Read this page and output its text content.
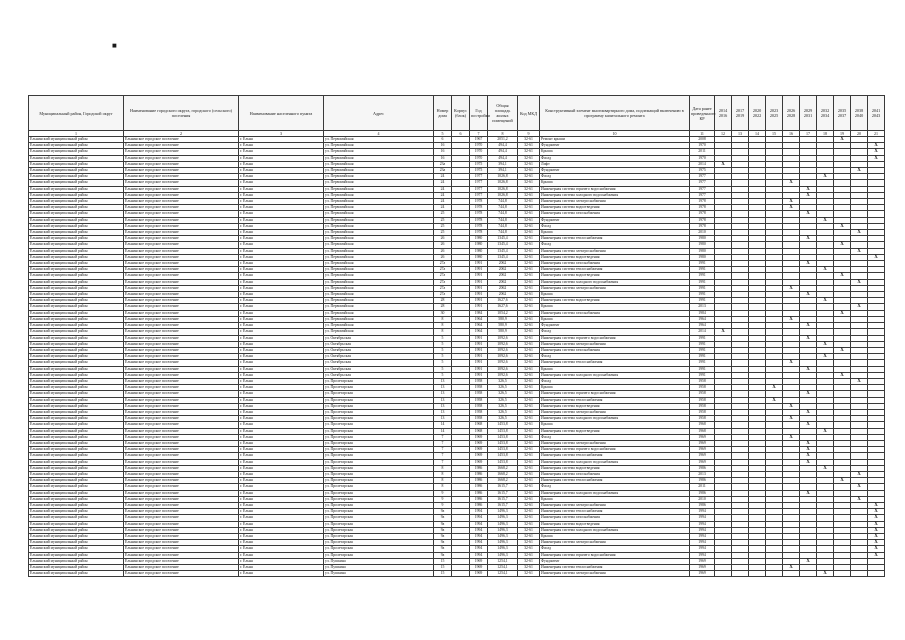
■
Муниципальный район, Городской округ	Наименование городского округа, городского (сельского) поселения	Наименование населенного пункта	Адрес	Номер дома	Корпус (блок)	Год постройки	Общая площадь жилых помещений	Код МКД	Конструктивный элемент многоквартирного дома, подлежащий включению в программу капитального ремонта	Дата ранее проведенного КР	2014 2016	2017 2019	2020 2022	2023 2025	2026 2028	2029 2031	2032 2034	2035 2037	2038 2040	2041 2043
1	2	3	4	5	6	7	8	9	10	11	12	13	14	15	16	17	18	19	20	21
Ельнинский муниципальный район	Ельнинское городское поселение	г. Ельня	ул. Первомайская	6		1967	2051,2	32-61	Ремонт крыши	2008								X		
Ельнинский муниципальный район	Ельнинское городское поселение	г. Ельня	ул. Первомайская	16		1970	494,4	32-61	Фундамент	1970										X
Ельнинский муниципальный район	Ельнинское городское поселение	г. Ельня	ул. Первомайская	16		1970	494,4	32-61	Крыша	2011										X
Ельнинский муниципальный район	Ельнинское городское поселение	г. Ельня	ул. Первомайская	16		1970	494,4	32-61	Фасад	1970										X
Ельнинский муниципальный район	Ельнинское городское поселение	г. Ельня	ул. Первомайская	23а		1975	394,1	32-61	Лифт	2014	X									
Ельнинский муниципальный район	Ельнинское городское поселение	г. Ельня	ул. Первомайская	23а		1975	394,1	32-61	Фундамент	1975									X	
Ельнинский муниципальный район	Ельнинское городское поселение	г. Ельня	ул. Первомайская	24		1977	1026,8	32-61	Фасад	1977							X			
Ельнинский муниципальный район	Ельнинское городское поселение	г. Ельня	ул. Первомайская	24		1977	1026,8	32-61	Крыша	1977					X					
Ельнинский муниципальный район	Ельнинское городское поселение	г. Ельня	ул. Первомайская	24		1977	1026,8	32-61	Инженерная система горячего водоснабжения	1977						X				
Ельнинский муниципальный район	Ельнинское городское поселение	г. Ельня	ул. Первомайская	24		1977	1026,8	32-61	Инженерная система холодного водоснабжения	1977						X				
Ельнинский муниципальный район	Ельнинское городское поселение	г. Ельня	ул. Первомайская	24		1978	744,8	32-61	Инженерная система электроснабжения	1978					X					
Ельнинский муниципальный район	Ельнинское городское поселение	г. Ельня	ул. Первомайская	24		1978	744,8	32-61	Инженерная система водоотведения	1978					X					
Ельнинский муниципальный район	Ельнинское городское поселение	г. Ельня	ул. Первомайская	25		1978	744,8	32-61	Инженерная система газоснабжения	1978						X				
Ельнинский муниципальный район	Ельнинское городское поселение	г. Ельня	ул. Первомайская	25		1978	744,8	32-61	Фундамент	1978							X			
Ельнинский муниципальный район	Ельнинское городское поселение	г. Ельня	ул. Первомайская	25		1978	744,8	32-61	Фасад	1978								X		
Ельнинский муниципальный район	Ельнинское городское поселение	г. Ельня	ул. Первомайская	25		1978	744,8	32-61	Крыша	2010									X	
Ельнинский муниципальный район	Ельнинское городское поселение	г. Ельня	ул. Первомайская	26		1980	1345,4	32-61	Инженерная система теплоснабжения	1980						X				
Ельнинский муниципальный район	Ельнинское городское поселение	г. Ельня	ул. Первомайская	26		1980	1345,4	32-61	Фасад	1980								X		
Ельнинский муниципальный район	Ельнинское городское поселение	г. Ельня	ул. Первомайская	26		1980	1345,4	32-61	Инженерная система электроснабжения	1980									X	
Ельнинский муниципальный район	Ельнинское городское поселение	г. Ельня	ул. Первомайская	26		1980	1345,4	32-61	Инженерная система водоотведения	1980										X
Ельнинский муниципальный район	Ельнинское городское поселение	г. Ельня	ул. Первомайская	27а		1991	2062	32-61	Инженерная система газоснабжения	1991						X				
Ельнинский муниципальный район	Ельнинское городское поселение	г. Ельня	ул. Первомайская	27а		1991	2062	32-61	Инженерная система теплоснабжения	1991							X			
Ельнинский муниципальный район	Ельнинское городское поселение	г. Ельня	ул. Первомайская	27а		1991	2062	32-61	Инженерная система водоотведения	1991								X		
Ельнинский муниципальный район	Ельнинское городское поселение	г. Ельня	ул. Первомайская	27а		1991	2062	32-61	Инженерная система холодного водоснабжения	1991									X	
Ельнинский муниципальный район	Ельнинское городское поселение	г. Ельня	ул. Первомайская	27а		1991	2062	32-61	Инженерная система электроснабжения	1991					X					
Ельнинский муниципальный район	Ельнинское городское поселение	г. Ельня	ул. Первомайская	27а		1991	2062	32-61	Крыша	1991						X				
Ельнинский муниципальный район	Ельнинское городское поселение	г. Ельня	ул. Первомайская	28		1991	1627,6	32-61	Инженерная система водоотведения	1991							X			
Ельнинский муниципальный район	Ельнинское городское поселение	г. Ельня	ул. Первомайская	28		1991	1627,6	32-61	Крыша	2013									X	
Ельнинский муниципальный район	Ельнинское городское поселение	г. Ельня	ул. Первомайская	30		1984	1054,2	32-61	Инженерная система газоснабжения	1984								X		
Ельнинский муниципальный район	Ельнинское городское поселение	г. Ельня	ул. Первомайская	8		1964	580,9	32-61	Крыша	1964					X					
Ельнинский муниципальный район	Ельнинское городское поселение	г. Ельня	ул. Первомайская	8		1964	580,9	32-61	Фундамент	1964						X				
Ельнинский муниципальный район	Ельнинское городское поселение	г. Ельня	ул. Первомайская	8		1964	580,9	32-61	Фасад	2014	X									
Ельнинский муниципальный район	Ельнинское городское поселение	г. Ельня	ул. Октябрьская	5		1991	1092,6	32-61	Инженерная система горячего водоснабжения	1991						X				
Ельнинский муниципальный район	Ельнинское городское поселение	г. Ельня	ул. Октябрьская	5		1991	1092,6	32-61	Инженерная система электроснабжения	1991							X			
Ельнинский муниципальный район	Ельнинское городское поселение	г. Ельня	ул. Октябрьская	5		1991	1092,6	32-61	Инженерная система газоснабжения	1991								X		
Ельнинский муниципальный район	Ельнинское городское поселение	г. Ельня	ул. Октябрьская	5		1991	1092,6	32-61	Фасад	1991							X			
Ельнинский муниципальный район	Ельнинское городское поселение	г. Ельня	ул. Октябрьская	5		1991	1092,6	32-61	Инженерная система теплоснабжения	1991					X					
Ельнинский муниципальный район	Ельнинское городское поселение	г. Ельня	ул. Октябрьская	5		1991	1092,6	32-61	Крыша	1991						X				
Ельнинский муниципальный район	Ельнинское городское поселение	г. Ельня	ул. Октябрьская	5		1991	1092,6	32-61	Инженерная система холодного водоснабжения	1991								X		
Ельнинский муниципальный район	Ельнинское городское поселение	г. Ельня	ул. Пролетарская	13		1958	326,5	32-61	Фасад	1958									X	
Ельнинский муниципальный район	Ельнинское городское поселение	г. Ельня	ул. Пролетарская	13		1958	326,5	32-61	Крыша	1958				X						
Ельнинский муниципальный район	Ельнинское городское поселение	г. Ельня	ул. Пролетарская	13		1958	326,5	32-61	Инженерная система горячего водоснабжения	1958						X				
Ельнинский муниципальный район	Ельнинское городское поселение	г. Ельня	ул. Пролетарская	13		1958	326,5	32-61	Инженерная система теплоснабжения	1958				X						
Ельнинский муниципальный район	Ельнинское городское поселение	г. Ельня	ул. Пролетарская	13		1958	326,5	32-61	Инженерная система водоотведения	1958					X					
Ельнинский муниципальный район	Ельнинское городское поселение	г. Ельня	ул. Пролетарская	13		1958	326,5	32-61	Инженерная система электроснабжения	1958						X				
Ельнинский муниципальный район	Ельнинское городское поселение	г. Ельня	ул. Пролетарская	13		1958	326,5	32-61	Инженерная система холодного водоснабжения	1958					X					
Ельнинский муниципальный район	Ельнинское городское поселение	г. Ельня	ул. Пролетарская	14		1968	1453,8	32-61	Крыша	1968						X				
Ельнинский муниципальный район	Ельнинское городское поселение	г. Ельня	ул. Пролетарская	14		1968	1453,8	32-61	Инженерная система водоотведения	1968							X			
Ельнинский муниципальный район	Ельнинское городское поселение	г. Ельня	ул. Пролетарская	7		1969	1453,8	32-61	Фасад	1969					X					
Ельнинский муниципальный район	Ельнинское городское поселение	г. Ельня	ул. Пролетарская	7		1969	1453,8	32-61	Инженерная система электроснабжения	1969						X				
Ельнинский муниципальный район	Ельнинское городское поселение	г. Ельня	ул. Пролетарская	7		1969	1453,8	32-61	Инженерная система горячего водоснабжения	1969						X				
Ельнинский муниципальный район	Ельнинское городское поселение	г. Ельня	ул. Пролетарская	7		1969	1453,8	32-61	Инженерная система теплоснабжения	1969						X				
Ельнинский муниципальный район	Ельнинское городское поселение	г. Ельня	ул. Пролетарская	7		1969	1453,8	32-61	Инженерная система холодного водоснабжения	1969						X				
Ельнинский муниципальный район	Ельнинское городское поселение	г. Ельня	ул. Пролетарская	8		1986	1668,2	32-61	Инженерная система водоотведения	1986							X			
Ельнинский муниципальный район	Ельнинское городское поселение	г. Ельня	ул. Пролетарская	8		1986	1668,2	32-61	Инженерная система газоснабжения	2013									X	
Ельнинский муниципальный район	Ельнинское городское поселение	г. Ельня	ул. Пролетарская	8		1986	1668,2	32-61	Инженерная система теплоснабжения	1986								X		
Ельнинский муниципальный район	Ельнинское городское поселение	г. Ельня	ул. Пролетарская	8		1986	1615,7	32-61	Фасад	2011									X	
Ельнинский муниципальный район	Ельнинское городское поселение	г. Ельня	ул. Пролетарская	9		1986	1615,7	32-61	Инженерная система холодного водоснабжения	1986						X				
Ельнинский муниципальный район	Ельнинское городское поселение	г. Ельня	ул. Пролетарская	9		1986	1615,7	32-61	Крыша	2010									X	
Ельнинский муниципальный район	Ельнинское городское поселение	г. Ельня	ул. Пролетарская	9		1986	1615,7	32-61	Инженерная система электроснабжения	1986										X
Ельнинский муниципальный район	Ельнинское городское поселение	г. Ельня	ул. Пролетарская	9а		1994	1496,3	32-61	Инженерная система теплоснабжения	1994										X
Ельнинский муниципальный район	Ельнинское городское поселение	г. Ельня	ул. Пролетарская	9а		1994	1496,3	32-61	Инженерная система газоснабжения	1994										X
Ельнинский муниципальный район	Ельнинское городское поселение	г. Ельня	ул. Пролетарская	9а		1994	1496,3	32-61	Инженерная система водоотведения	1994										X
Ельнинский муниципальный район	Ельнинское городское поселение	г. Ельня	ул. Пролетарская	9а		1994	1496,3	32-61	Инженерная система холодного водоснабжения	1994										X
Ельнинский муниципальный район	Ельнинское городское поселение	г. Ельня	ул. Пролетарская	9а		1994	1496,3	32-61	Крыша	1994										X
Ельнинский муниципальный район	Ельнинское городское поселение	г. Ельня	ул. Пролетарская	9а		1994	1496,3	32-61	Инженерная система электроснабжения	1994										X
Ельнинский муниципальный район	Ельнинское городское поселение	г. Ельня	ул. Пролетарская	9а		1994	1496,3	32-61	Фасад	1994										X
Ельнинский муниципальный район	Ельнинское городское поселение	г. Ельня	ул. Пролетарская	9а		1994	1496,3	32-61	Инженерная система горячего водоснабжения	1994										X
Ельнинский муниципальный район	Ельнинское городское поселение	г. Ельня	ул. Пушкина	15		1969	1254,1	32-61	Фундамент	1969						X				
Ельнинский муниципальный район	Ельнинское городское поселение	г. Ельня	ул. Пушкина	15		1969	1254,1	32-61	Инженерная система теплоснабжения	1969					X					
Ельнинский муниципальный район	Ельнинское городское поселение	г. Ельня	ул. Пушкина	15		1969	1254,1	32-61	Инженерная система электроснабжения	1969							X			
